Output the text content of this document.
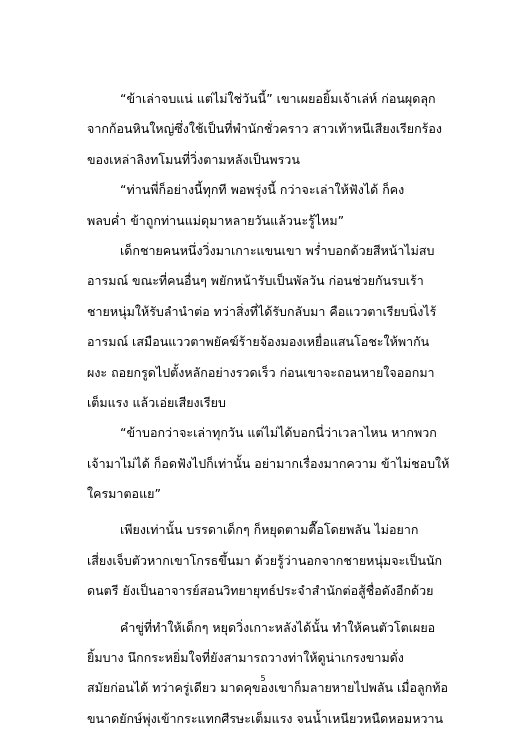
“ข้าเล่าจบแน่ แต่ไม่ใช่วันนี้” เขาเผยอยิ้มเจ้าเล่ห์ ก่อนผุดลุก
จากก้อนหินใหญ่ซึ่งใช้เป็นที่พำนักชั่วคราว สาวเท้าหนีเสียงเรียกร้อง
ของเหล่าลิงทโมนที่วิ่งตามหลังเป็นพรวน
“ท่านพี่ก็อย่างนี้ทุกที พอพรุ่งนี้ กว่าจะเล่าให้ฟังได้ ก็คง
พลบค่ำ ข้าถูกท่านแม่ดุมาหลายวันแล้วนะรู้ไหม”
เด็กชายคนหนึ่งวิ่งมาเกาะแขนเขา พร่ำบอกด้วยสีหน้าไม่สบ
อารมณ์ ขณะที่คนอื่นๆ พยักหน้ารับเป็นพัลวัน ก่อนช่วยกันรบเร้า
ชายหนุ่มให้รับลำนำต่อ ทว่าสิ่งที่ได้รับกลับมา คือแววตาเรียบนิ่งไร้
อารมณ์ เสมือนแววตาพยัคฆ์ร้ายจ้องมองเหยื่อแสนโอชะให้พากัน
ผงะ ถอยกรูดไปตั้งหลักอย่างรวดเร็ว ก่อนเขาจะถอนหายใจออกมา
เต็มแรง แล้วเอ่ยเสียงเรียบ
“ข้าบอกว่าจะเล่าทุกวัน แต่ไม่ได้บอกนี่ว่าเวลาไหน หากพวก
เจ้ามาไม่ได้ ก็อดฟังไปก็เท่านั้น อย่ามากเรื่องมากความ ข้าไม่ชอบให้
ใครมาตอแย”
เพียงเท่านั้น บรรดาเด็กๆ ก็หยุดตามตื๊อโดยพลัน ไม่อยาก
เสี่ยงเจ็บตัวหากเขาโกรธขึ้นมา ด้วยรู้ว่านอกจากชายหนุ่มจะเป็นนัก
ดนตรี ยังเป็นอาจารย์สอนวิทยายุทธ์ประจำสำนักต่อสู้ชื่อดังอีกด้วย
คำขู่ที่ทำให้เด็กๆ หยุดวิ่งเกาะหลังได้นั้น ทำให้คนตัวโตเผยอ
ยิ้มบาง นึกกระหยิ่มใจที่ยังสามารถวางท่าให้ดูน่าเกรงขามดั่ง
สมัยก่อนได้ ทว่าครู่เดียว มาดคุของเขาก็มลายหายไปพลัน เมื่อลูกท้อ
ขนาดยักษ์พุ่งเข้ากระแทกศีรษะเต็มแรง จนน้ำเหนียวหนืดหอมหวาน
5
